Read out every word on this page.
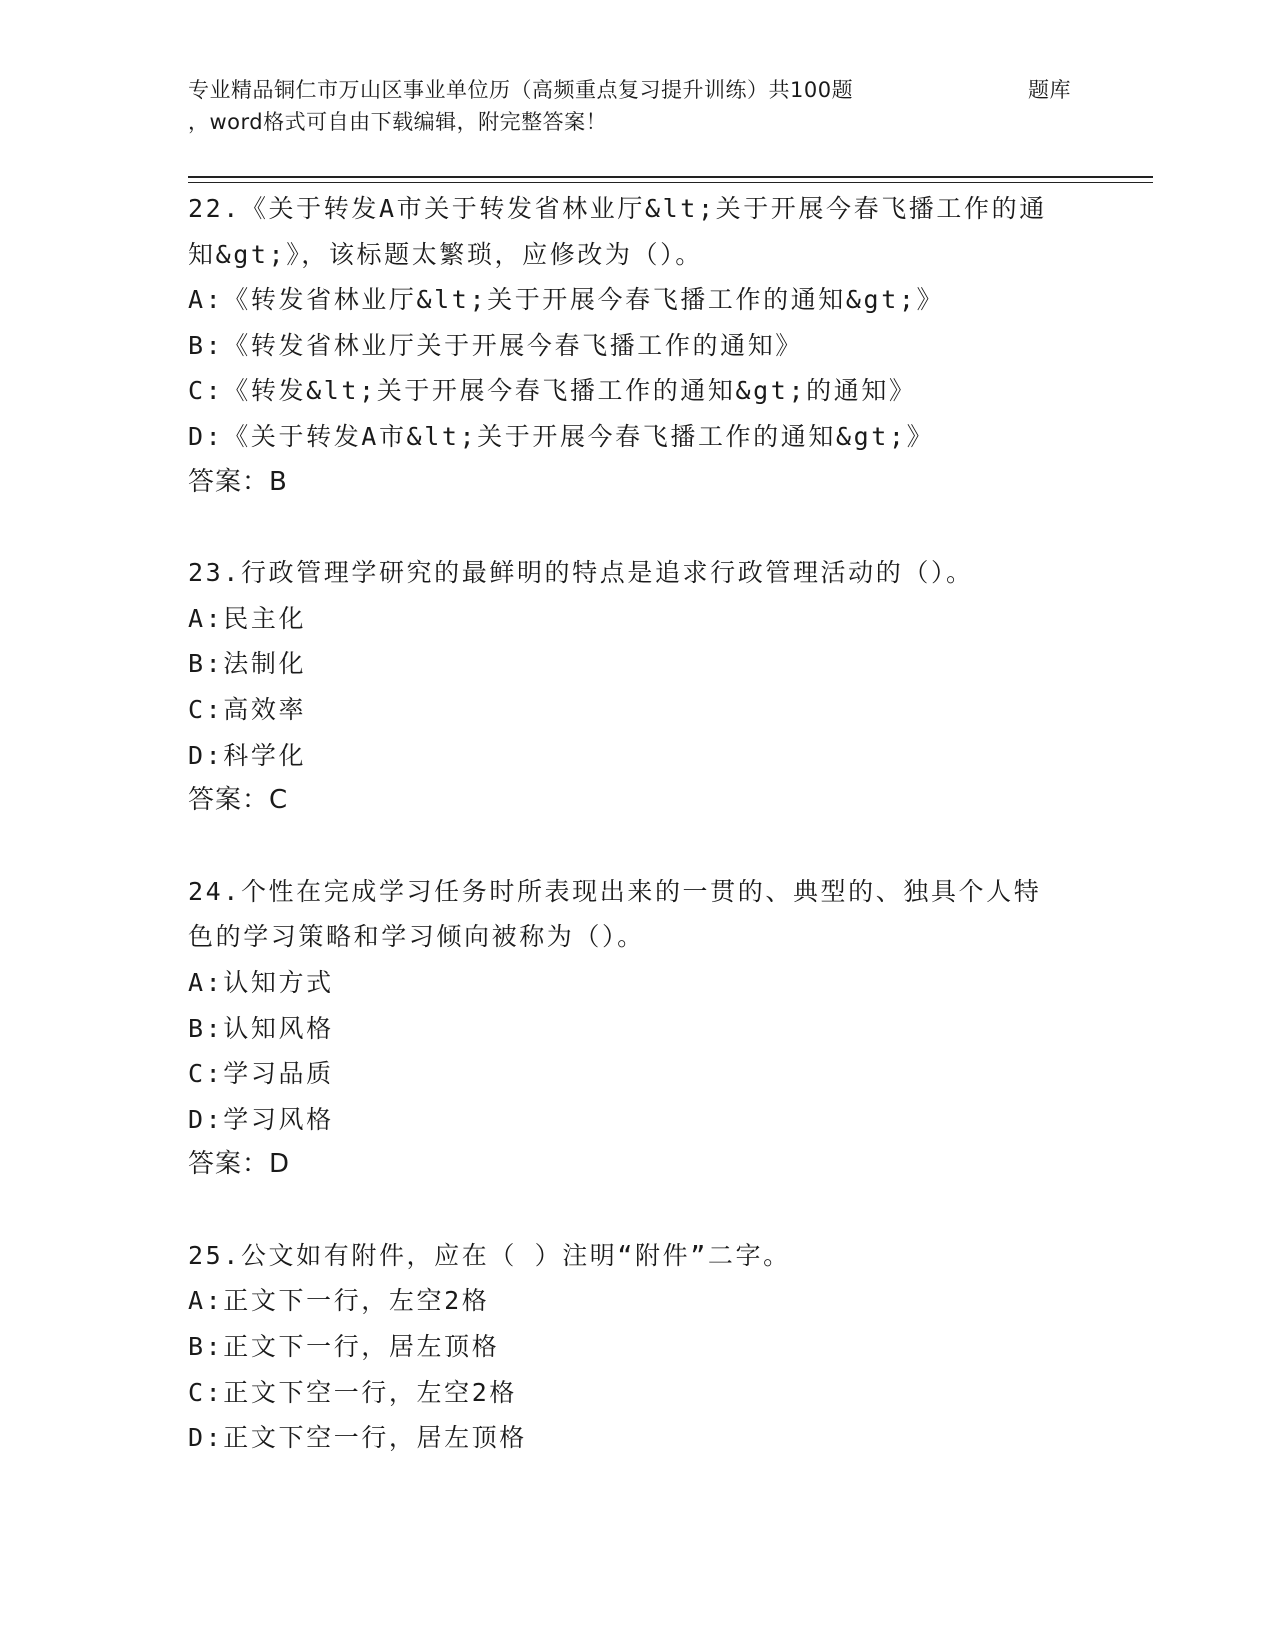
专业精品铜仁市万山区事业单位历（高频重点复习提升训练）共100题	题库
，word格式可自由下载编辑，附完整答案！
22.《关于转发A市关于转发省林业厅&lt;关于开展今春飞播工作的通
知&gt;》，该标题太繁琐，应修改为（）。
A:《转发省林业厅&lt;关于开展今春飞播工作的通知&gt;》
B:《转发省林业厅关于开展今春飞播工作的通知》
C:《转发&lt;关于开展今春飞播工作的通知&gt;的通知》
D:《关于转发A市&lt;关于开展今春飞播工作的通知&gt;》
答案：B
23.行政管理学研究的最鲜明的特点是追求行政管理活动的（）。
A:民主化
B:法制化
C:高效率
D:科学化
答案：C
24.个性在完成学习任务时所表现出来的一贯的、典型的、独具个人特
色的学习策略和学习倾向被称为（）。
A:认知方式
B:认知风格
C:学习品质
D:学习风格
答案：D
25.公文如有附件，应在（ ）注明“附件”二字。
A:正文下一行，左空2格
B:正文下一行，居左顶格
C:正文下空一行，左空2格
D:正文下空一行，居左顶格
